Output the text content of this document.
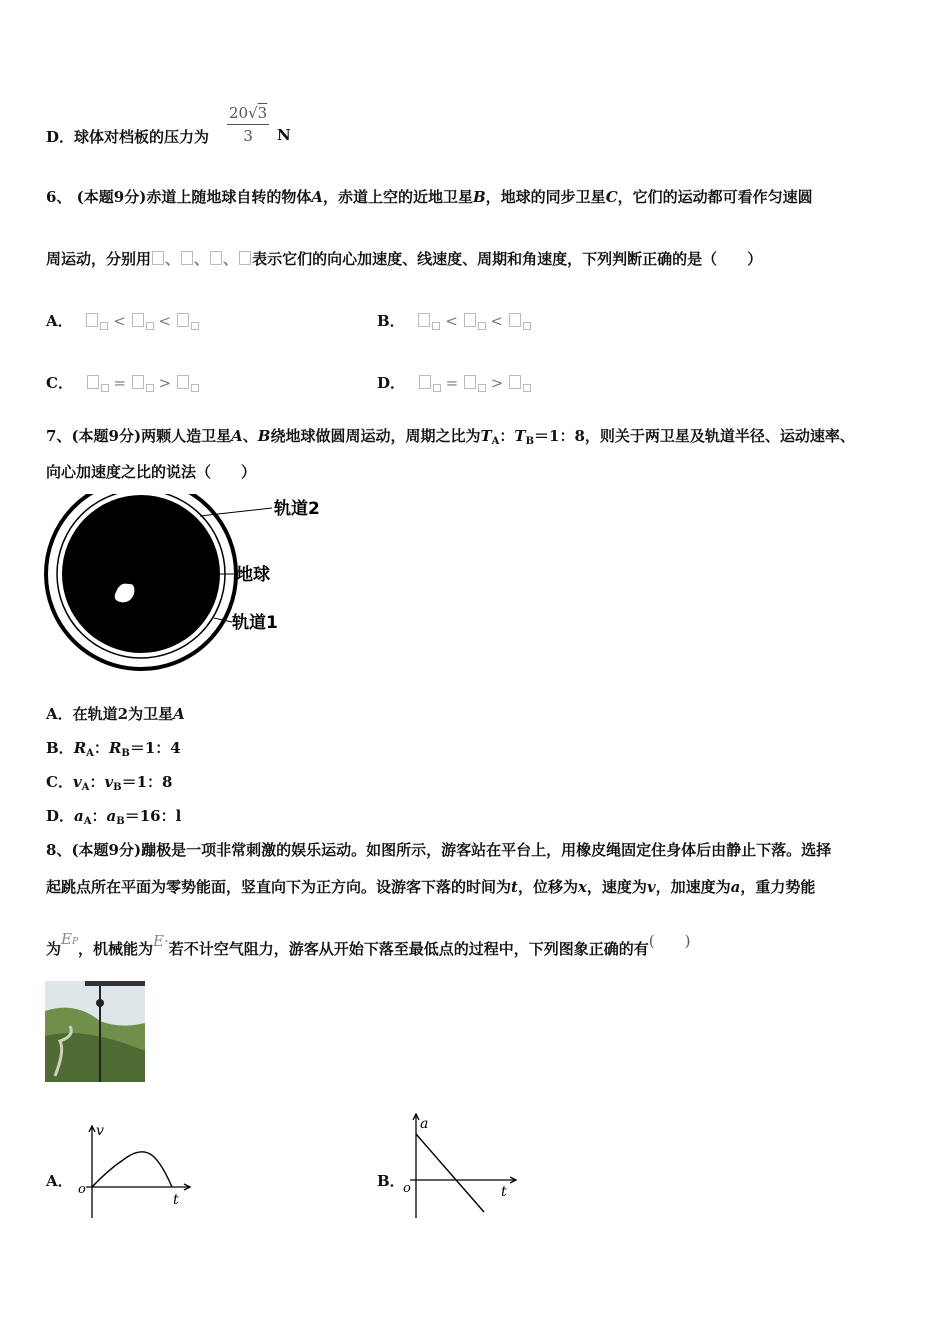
D．球体对档板的压力为 $\frac{20√3}{3}$ N
6、 (本题9分)赤道上随地球自转的物体A，赤道上空的近地卫星B，地球的同步卫星C，它们的运动都可看作匀速圆
周运动，分别用 、 、 、 表示它们的向心加速度、线速度、周期和角速度，下列判断正确的是（　　）
A．	< <	B．	< <
C．	= >	D．	= >
7、(本题9分)两颗人造卫星A、B绕地球做圆周运动，周期之比为$T_A$：$T_B=1$：8，则关于两卫星及轨道半径、运动速率、
向心加速度之比的说法（　　）
轨道2
地球
轨道1
A．在轨道2为卫星A
B．$R_A$：$R_B=1$：4
C．$v_A$：$v_B=1$：8
D．$a_A$：$a_B=16$：l
8、(本题9分)蹦极是一项非常刺激的娱乐运动。如图所示，游客站在平台上，用橡皮绳固定住身体后由静止下落。选择
起跳点所在平面为零势能面，竖直向下为正方向。设游客下落的时间为t，位移为x，速度为v，加速度为a，重力势能
为EP，机械能为E·若不计空气阻力，游客从开始下落至最低点的过程中，下列图象正确的有(　　)
A．
v
t
o	B．
a
t
o
